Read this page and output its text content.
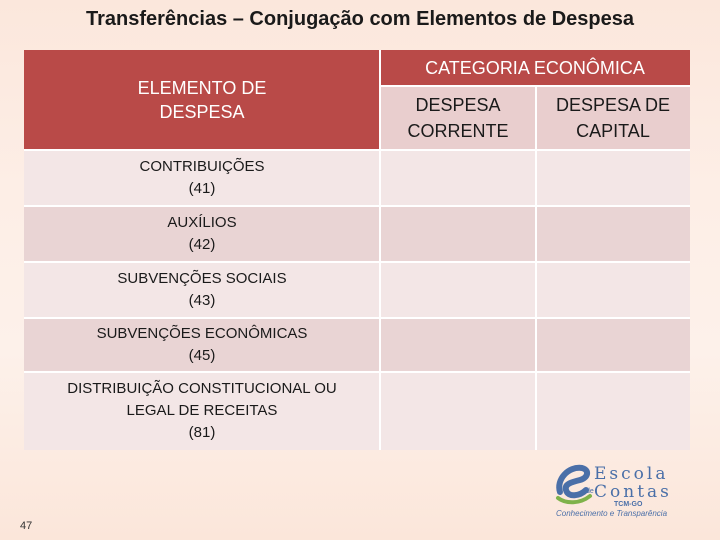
Transferências – Conjugação com Elementos de Despesa
ELEMENTO DE
DESPESA
CATEGORIA ECONÔMICA
DESPESA
CORRENTE
DESPESA DE
CAPITAL
CONTRIBUIÇÕES
(41)
AUXÍLIOS
(42)
SUBVENÇÕES SOCIAIS
(43)
SUBVENÇÕES ECONÔMICAS
(45)
DISTRIBUIÇÃO CONSTITUCIONAL OU
LEGAL DE RECEITAS
(81)
Escola
de Contas
TCM-GO
Conhecimento e Transparência
47
